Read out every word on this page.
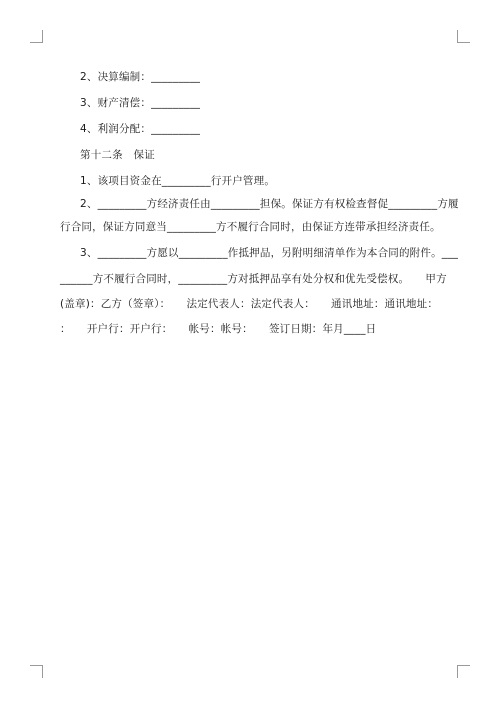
2、决算编制：_________
3、财产清偿：_________
4、利润分配：_________
第十二条　保证
1、该项目资金在_________行开户管理。
2、_________方经济责任由_________担保。保证方有权检查督促_________方履
行合同，保证方同意当_________方不履行合同时，由保证方连带承担经济责任。
3、_________方愿以_________作抵押品，另附明细清单作为本合同的附件。___
______方不履行合同时，_________方对抵押品享有处分权和优先受偿权。　　甲方
(盖章)：乙方（签章）：　　法定代表人：法定代表人：　　通讯地址：通讯地址：
：　　开户行：开户行：　　帐号：帐号：　　签订日期：年月____日
